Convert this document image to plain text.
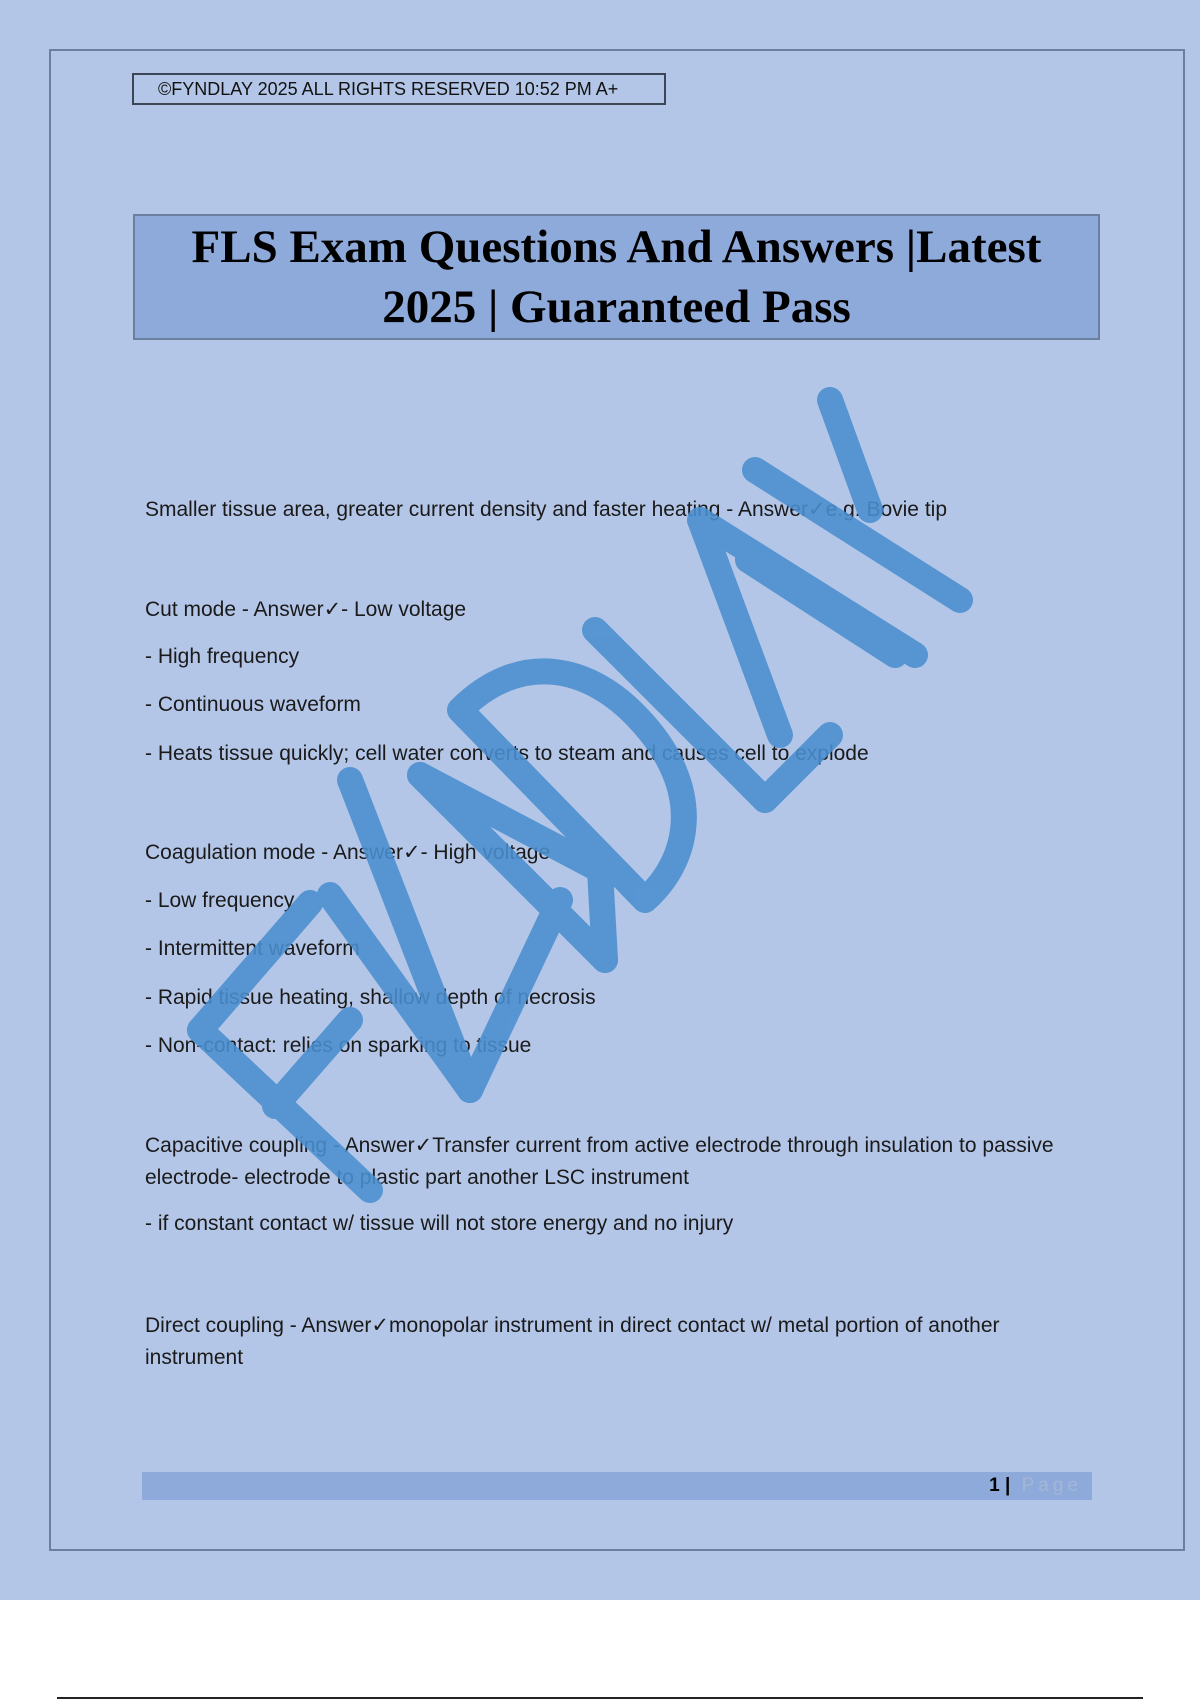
©FYNDLAY 2025 ALL RIGHTS RESERVED 10:52 PM A+
FLS Exam Questions And Answers |Latest
2025 | Guaranteed Pass

Smaller tissue area, greater current density and faster heating - Answer✓e.g. Bovie tip

Cut mode - Answer✓- Low voltage

- High frequency

- Continuous waveform

- Heats tissue quickly; cell water converts to steam and causes cell to explode

Coagulation mode - Answer✓- High voltage

- Low frequency

- Intermittent waveform

- Rapid tissue heating, shallow depth of necrosis

- Non-contact: relies on sparking to tissue

Capacitive coupling - Answer✓Transfer current from active electrode through insulation to passive electrode- electrode to plastic part another LSC instrument

- if constant contact w/ tissue will not store energy and no injury

Direct coupling - Answer✓monopolar instrument in direct contact w/ metal portion of another instrument

1 | Page
